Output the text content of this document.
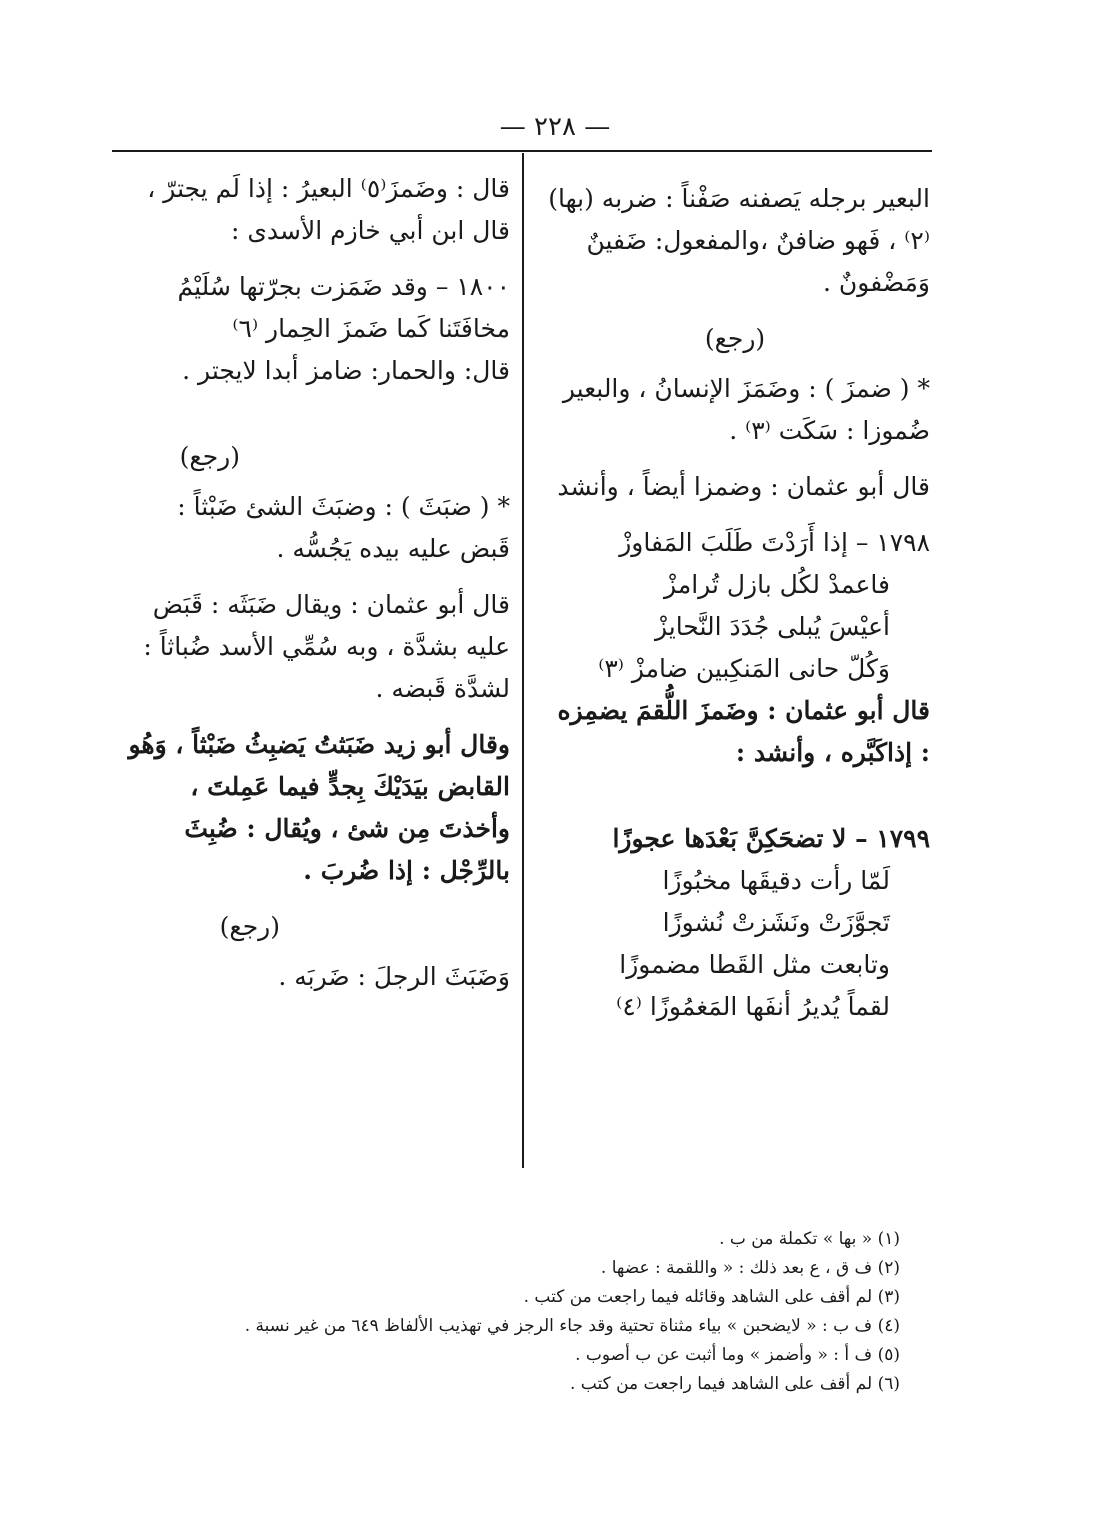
— ٢٢٨ —

البعير برجله يَصفنه صَفْناً : ضربه (بها)⁽٢⁾ ، فَهو ضافنٌ ،والمفعول: ضَفينٌ وَمَضْفونٌ .

(رجع)

* ( ضمزَ ) : وضَمَزَ الإنسانُ ، والبعير ضُموزا : سَكَت ⁽٣⁾ .

قال أبو عثمان : وضمزا أيضاً ، وأنشد

١٧٩٨ – إذا أَرَدْتَ طَلَبَ المَفاوزْ

فاعمدْ لكُل بازل تُرامزْ

أعيْسَ يُبلى جُدَدَ النَّحايزْ

وَكُلّ حانى المَنكِبين ضامزْ ⁽٣⁾

قال أبو عثمان : وضَمزَ اللُّقمَ يضمِزه : إذاكَبَّره ، وأنشد :

١٧٩٩ – لا تضحَكِنَّ بَعْدَها عجوزًا

لَمّا رأت دقيقَها مخبُوزًا

تَجوَّزَتْ ونَشَزتْ نُشوزًا

وتابعت مثل القَطا مضموزًا

لقماً يُديرُ أنفَها المَغمُوزًا ⁽٤⁾

قال : وضَمزَ⁽٥⁾ البعيرُ : إذا لَم يجترّ ، قال ابن أبي خازم الأسدى :

١٨٠٠ – وقد ضَمَزت بجرّتها سُلَيْمُ

مخافَتَنا كَما ضَمزَ الحِمار ⁽٦⁾

قال: والحمار: ضامز أبدا لايجتر .

(رجع)

* ( ضبَثَ ) : وضبَثَ الشئ ضَبْثاً : قَبض عليه بيده يَجُسُّه .

قال أبو عثمان : ويقال ضَبَثَه : قَبَض عليه بشدَّة ، وبه سُمِّي الأسد ضُباثاً : لشدَّة قَبضه .

وقال أبو زيد ضَبَثتُ يَضبِثُ ضَبْثاً ، وَهُو القابض بيَدَيْكَ بِجدٍّ فيما عَمِلتَ ، وأخذتَ مِن شئ ، ويُقال : ضُبِثَ بالرِّجْل : إذا ضُربَ .

(رجع)

وَضَبَثَ الرجلَ : ضَربَه .

(١) « بها » تكملة من ب .
(٢) ف ق ، ع بعد ذلك : « واللقمة : عضها .
(٣) لم أقف على الشاهد وقائله فيما راجعت من كتب .
(٤) ف ب : « لايضحبن » بياء مثناة تحتية وقد جاء الرجز في تهذيب الألفاظ ٦٤٩ من غير نسبة .
(٥) ف أ : « وأضمز » وما أثبت عن ب أصوب .
(٦) لم أقف على الشاهد فيما راجعت من كتب .
